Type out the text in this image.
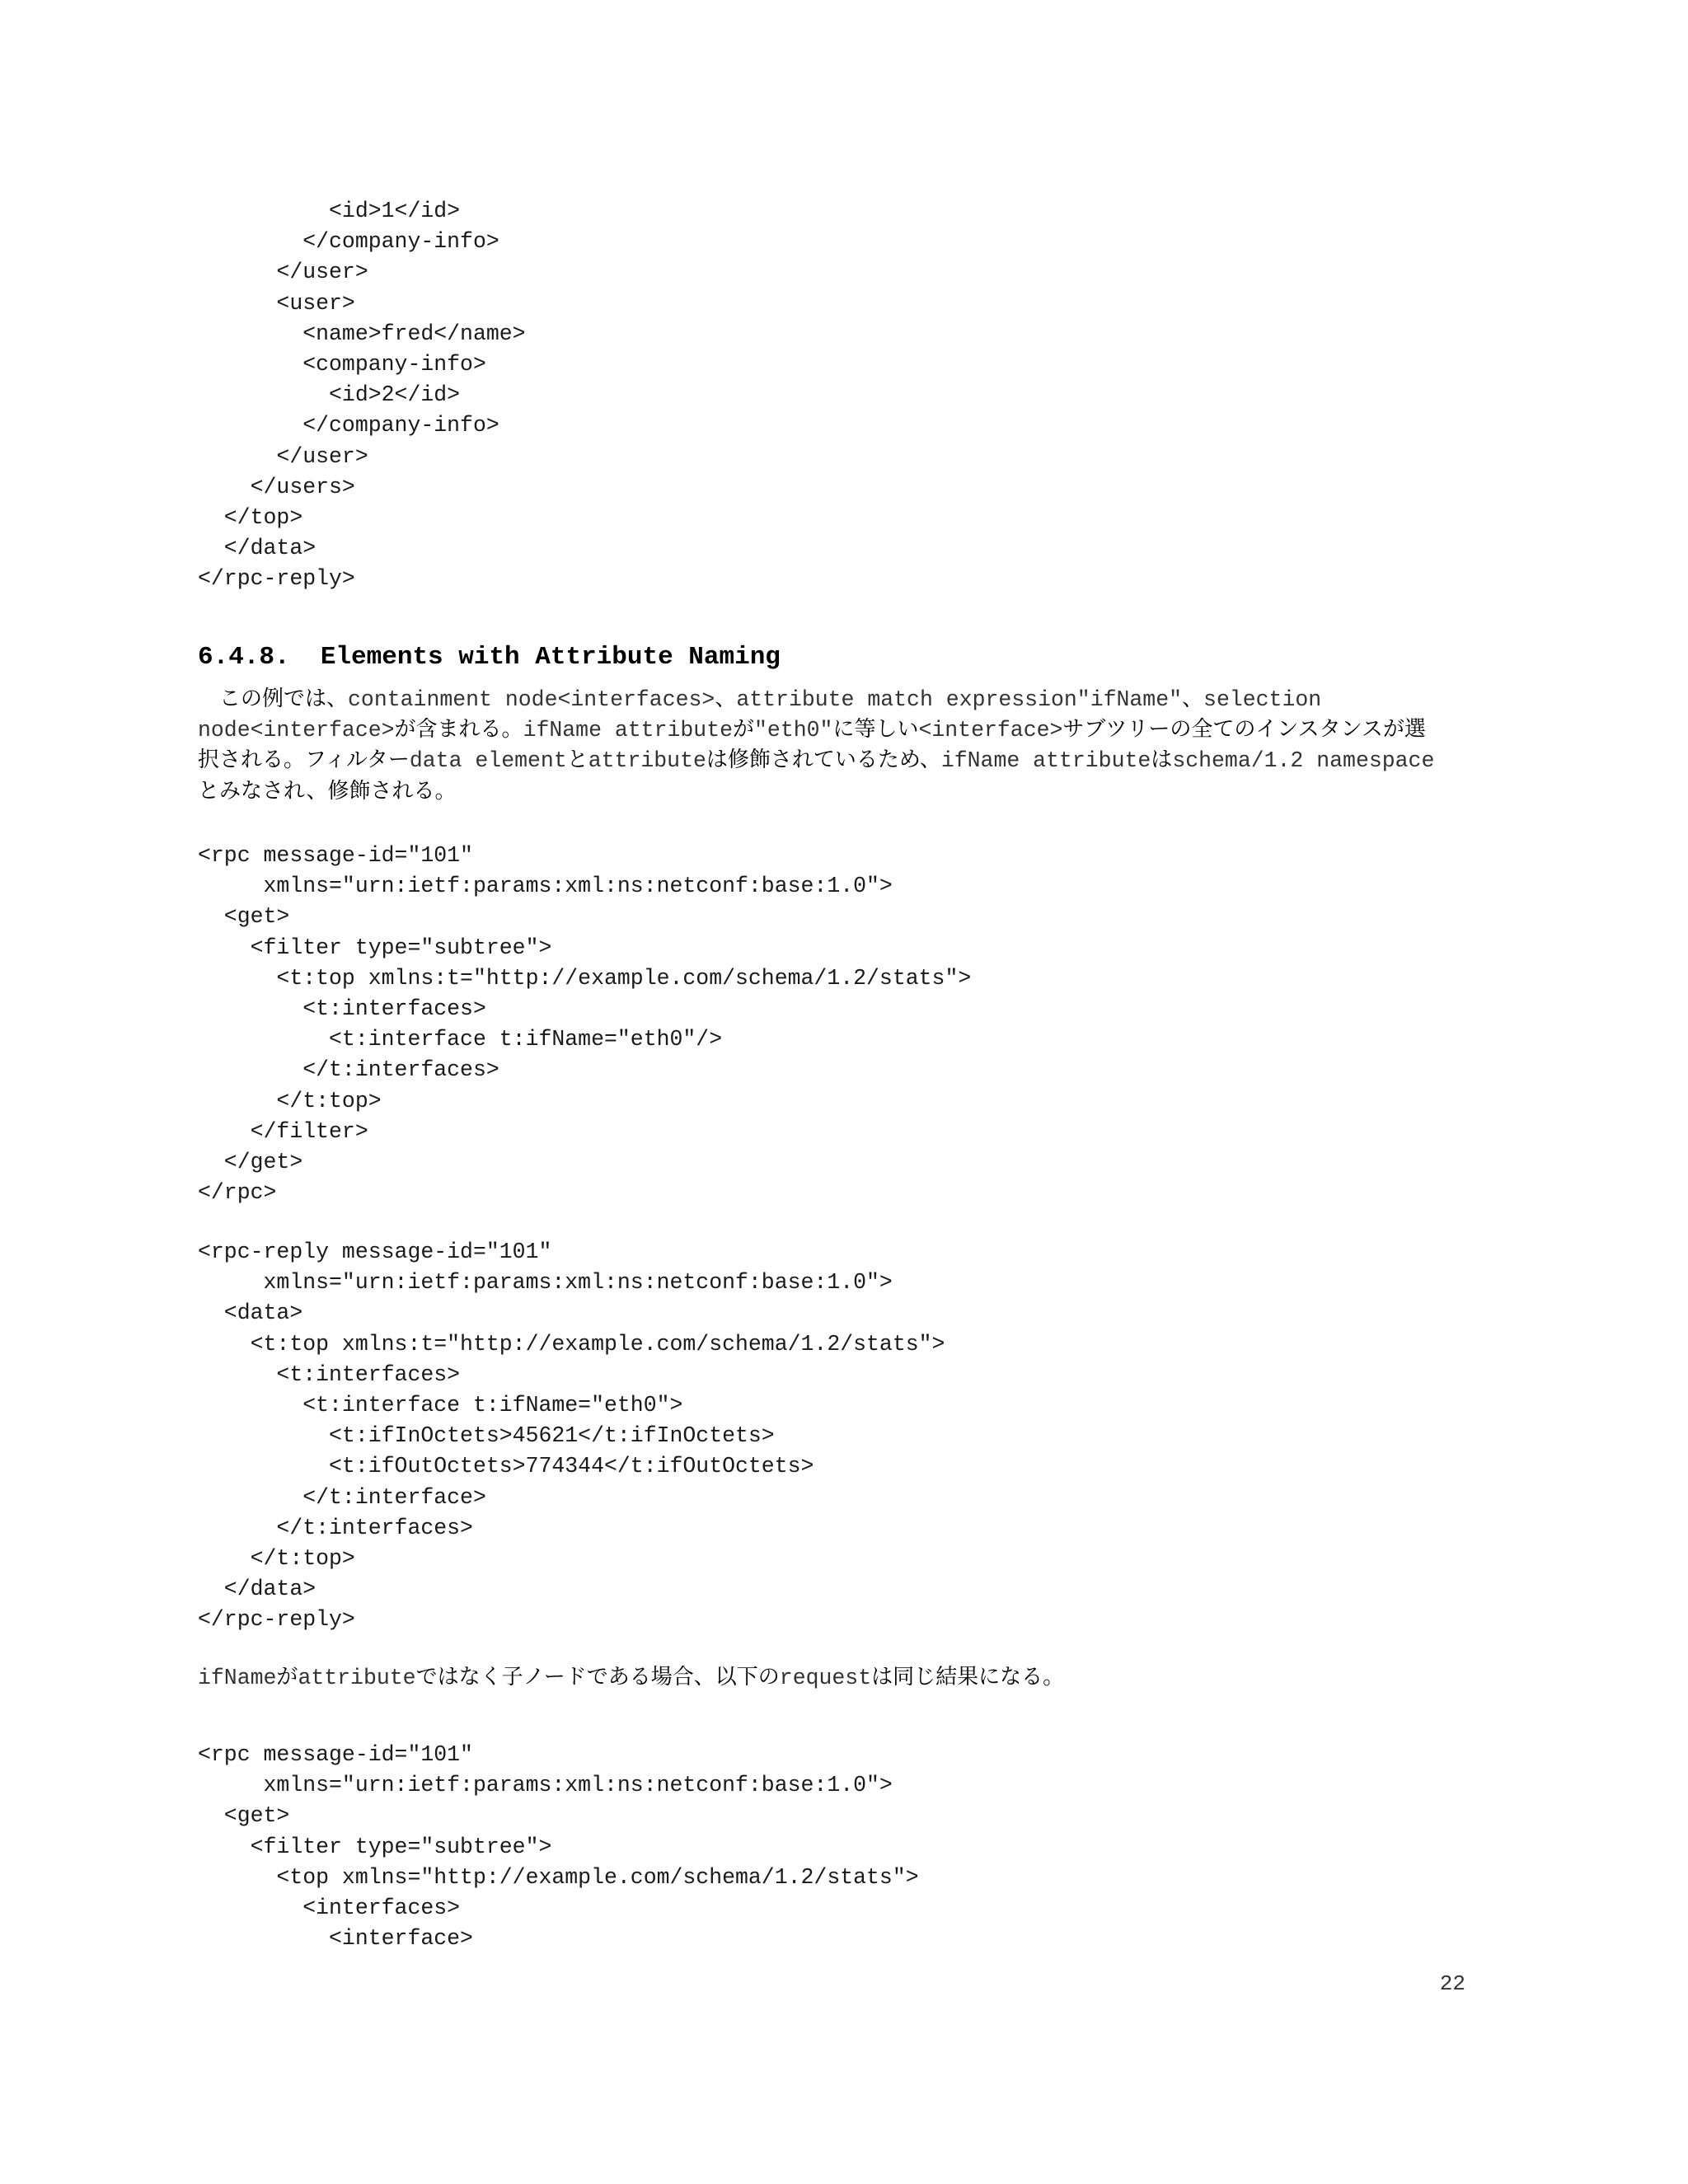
<id>1</id>
</company-info>
</user>
<user>
<name>fred</name>
<company-info>
<id>2</id>
</company-info>
</user>
</users>
</top>
</data>
</rpc-reply>
6.4.8.  Elements with Attribute Naming
　この例では、containment node<interfaces>、attribute match expression"ifName"、selection
node<interface>が含まれる。ifName attributeが"eth0"に等しい<interface>サブツリーの全てのインスタンスが選
択される。フィルターdata elementとattributeは修飾されているため、ifName attributeはschema/1.2 namespace
とみなされ、修飾される。
<rpc message-id="101"
xmlns="urn:ietf:params:xml:ns:netconf:base:1.0">
<get>
<filter type="subtree">
<t:top xmlns:t="http://example.com/schema/1.2/stats">
<t:interfaces>
<t:interface t:ifName="eth0"/>
</t:interfaces>
</t:top>
</filter>
</get>
</rpc>
<rpc-reply message-id="101"
xmlns="urn:ietf:params:xml:ns:netconf:base:1.0">
<data>
<t:top xmlns:t="http://example.com/schema/1.2/stats">
<t:interfaces>
<t:interface t:ifName="eth0">
<t:ifInOctets>45621</t:ifInOctets>
<t:ifOutOctets>774344</t:ifOutOctets>
</t:interface>
</t:interfaces>
</t:top>
</data>
</rpc-reply>
ifNameがattributeではなく子ノードである場合、以下のrequestは同じ結果になる。
<rpc message-id="101"
xmlns="urn:ietf:params:xml:ns:netconf:base:1.0">
<get>
<filter type="subtree">
<top xmlns="http://example.com/schema/1.2/stats">
<interfaces>
<interface>
22
